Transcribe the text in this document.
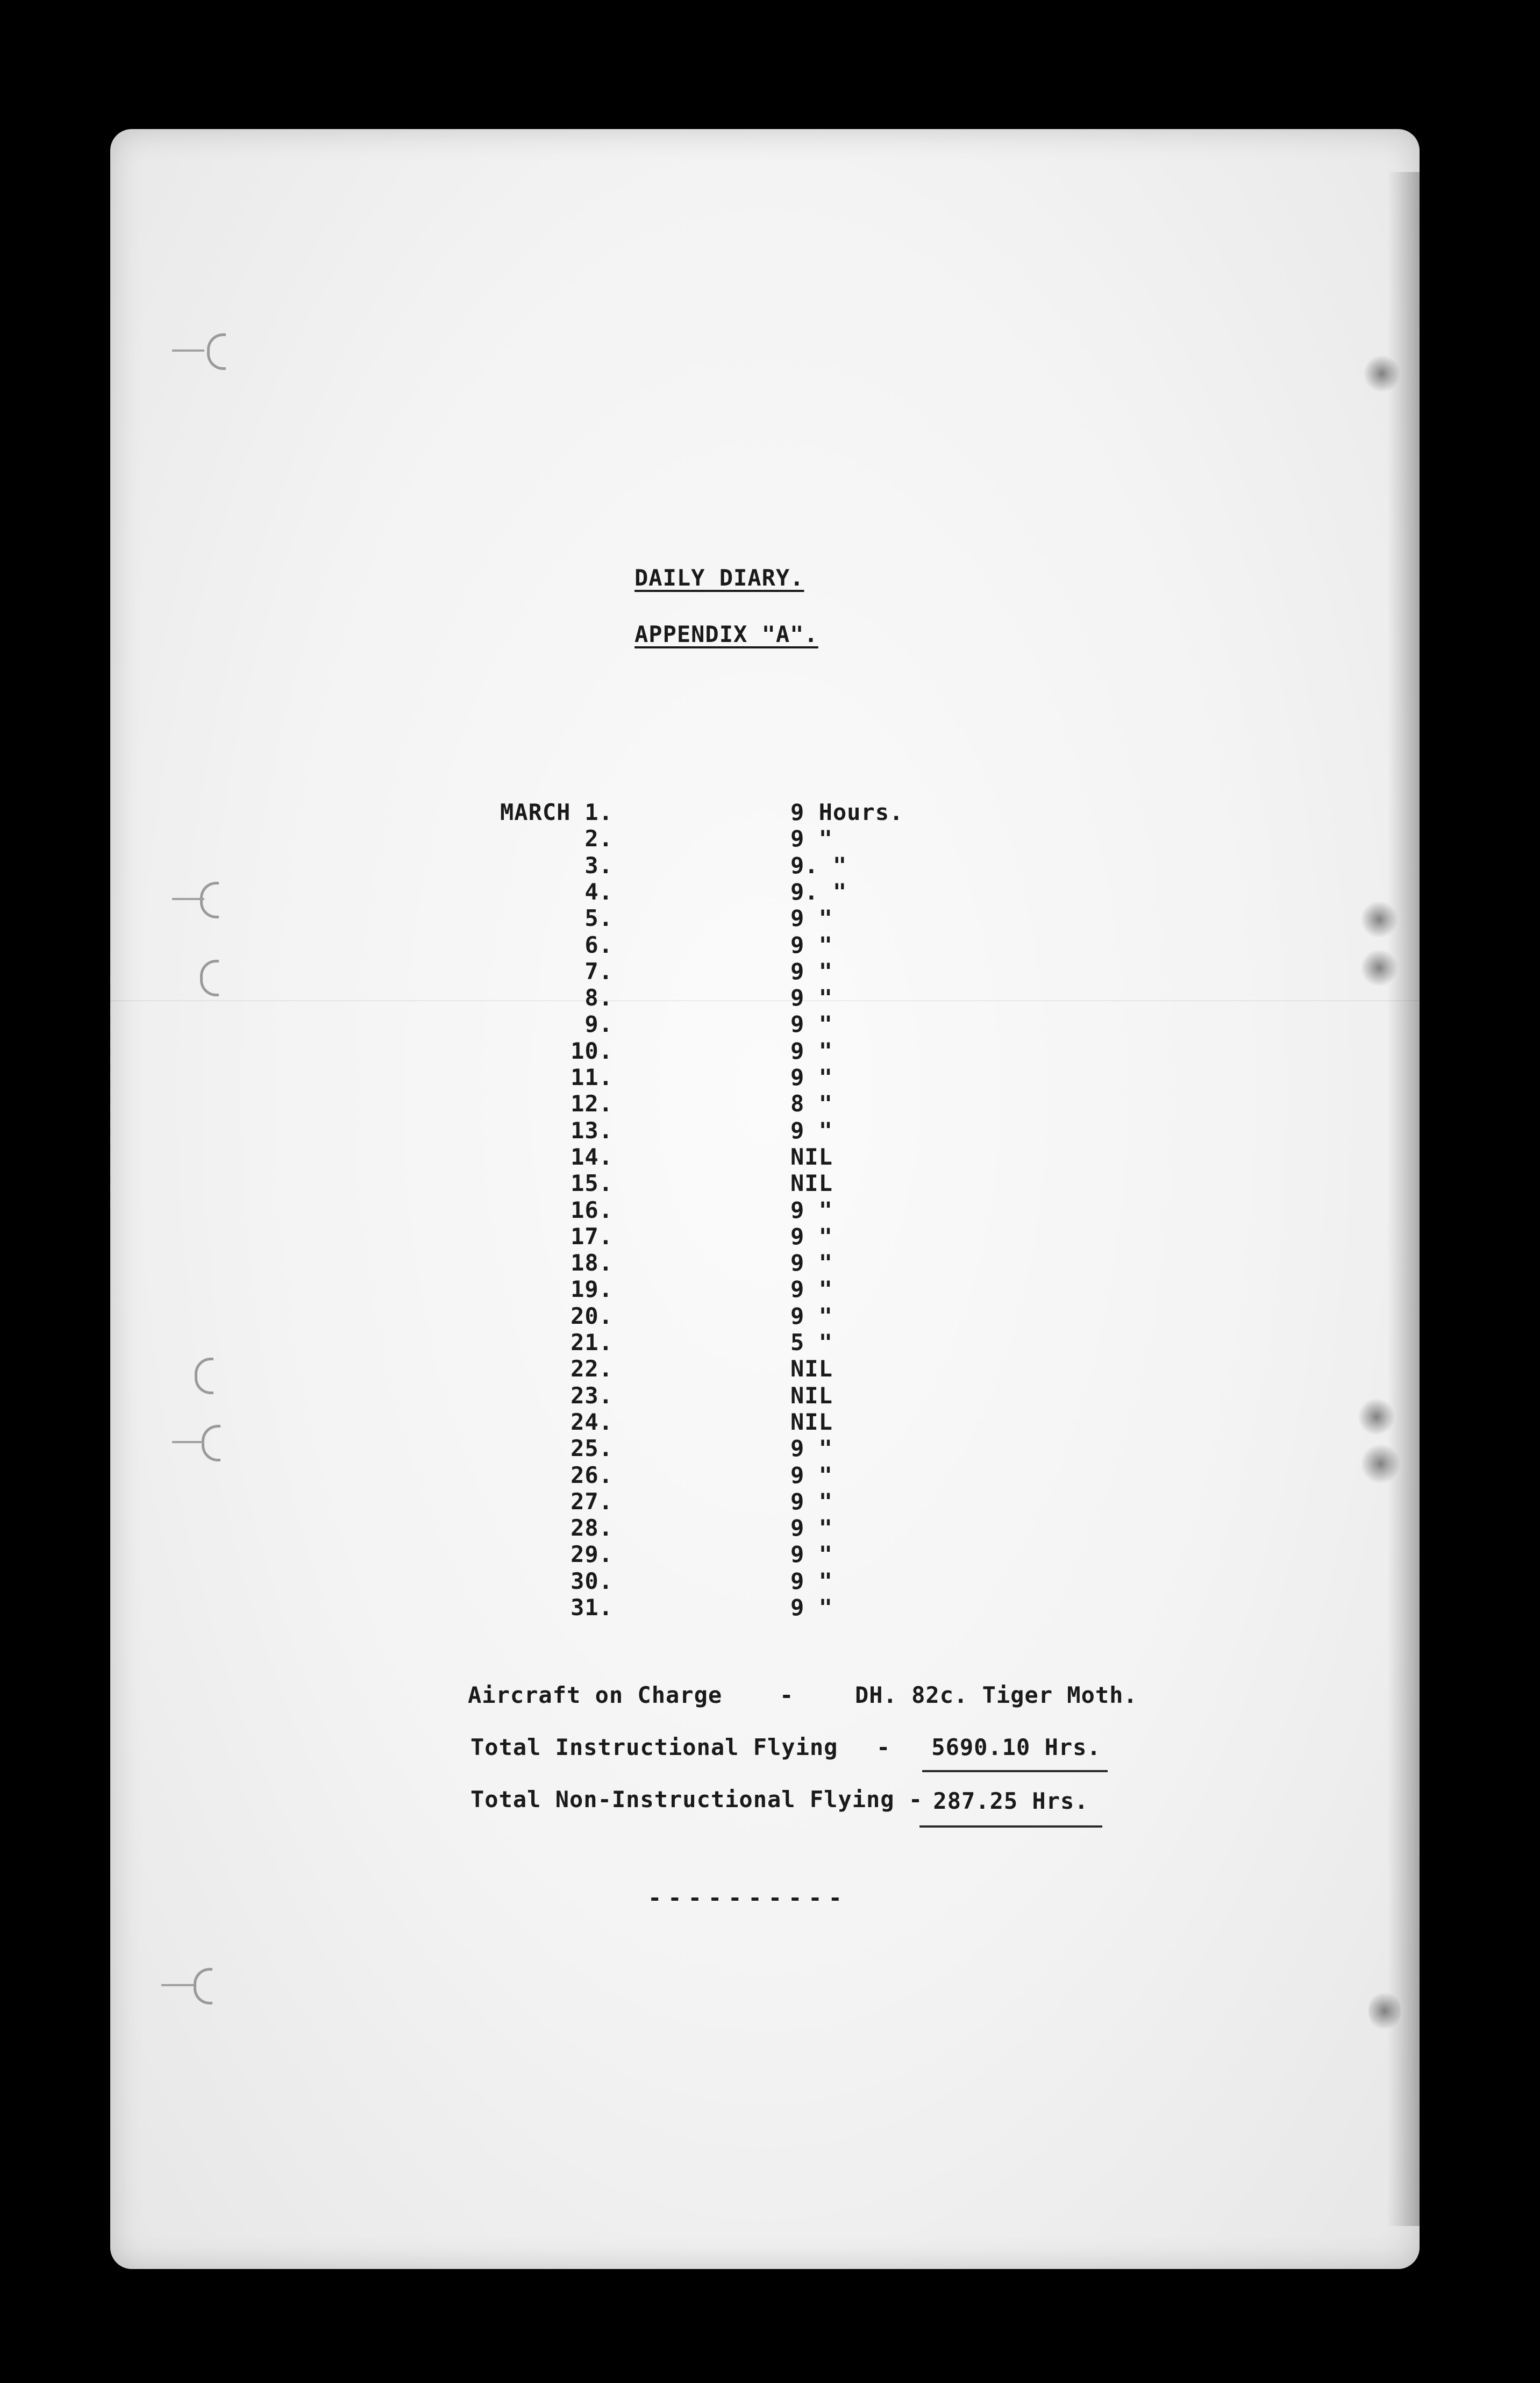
DAILY DIARY.
APPENDIX "A".
MARCH 1.	9 Hours.
2.	9 "
3.	9. "
4.	9. "
5.	9 "
6.	9 "
7.	9 "
8.	9 "
9.	9 "
10.	9 "
11.	9 "
12.	8 "
13.	9 "
14.	NIL
15.	NIL
16.	9 "
17.	9 "
18.	9 "
19.	9 "
20.	9 "
21.	5 "
22.	NIL
23.	NIL
24.	NIL
25.	9 "
26.	9 "
27.	9 "
28.	9 "
29.	9 "
30.	9 "
31.	9 "
Aircraft on Charge	-	DH. 82c. Tiger Moth.
Total Instructional Flying -	5690.10 Hrs.
Total Non-Instructional Flying - 287.25 Hrs.
----------
